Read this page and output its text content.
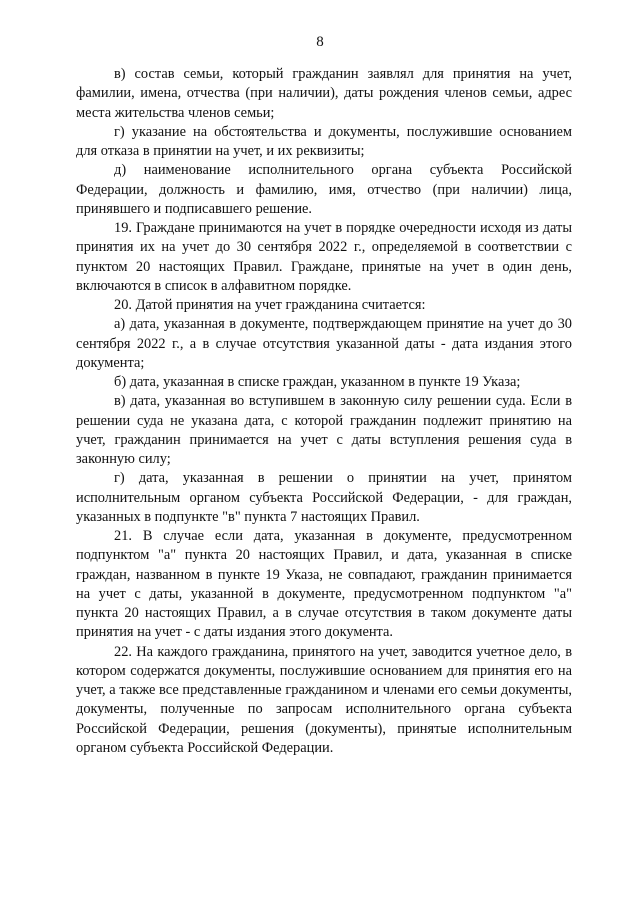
8

в) состав семьи, который гражданин заявлял для принятия на учет, фамилии, имена, отчества (при наличии), даты рождения членов семьи, адрес места жительства членов семьи;

г) указание на обстоятельства и документы, послужившие основанием для отказа в принятии на учет, и их реквизиты;

д) наименование исполнительного органа субъекта Российской Федерации, должность и фамилию, имя, отчество (при наличии) лица, принявшего и подписавшего решение.

19. Граждане принимаются на учет в порядке очередности исходя из даты принятия их на учет до 30 сентября 2022 г., определяемой в соответствии с пунктом 20 настоящих Правил. Граждане, принятые на учет в один день, включаются в список в алфавитном порядке.

20. Датой принятия на учет гражданина считается:

а) дата, указанная в документе, подтверждающем принятие на учет до 30 сентября 2022 г., а в случае отсутствия указанной даты - дата издания этого документа;

б) дата, указанная в списке граждан, указанном в пункте 19 Указа;

в) дата, указанная во вступившем в законную силу решении суда. Если в решении суда не указана дата, с которой гражданин подлежит принятию на учет, гражданин принимается на учет с даты вступления решения суда в законную силу;

г) дата, указанная в решении о принятии на учет, принятом исполнительным органом субъекта Российской Федерации, - для граждан, указанных в подпункте "в" пункта 7 настоящих Правил.

21. В случае если дата, указанная в документе, предусмотренном подпунктом "а" пункта 20 настоящих Правил, и дата, указанная в списке граждан, названном в пункте 19 Указа, не совпадают, гражданин принимается на учет с даты, указанной в документе, предусмотренном подпунктом "а" пункта 20 настоящих Правил, а в случае отсутствия в таком документе даты принятия на учет - с даты издания этого документа.

22. На каждого гражданина, принятого на учет, заводится учетное дело, в котором содержатся документы, послужившие основанием для принятия его на учет, а также все представленные гражданином и членами его семьи документы, документы, полученные по запросам исполнительного органа субъекта Российской Федерации, решения (документы), принятые исполнительным органом субъекта Российской Федерации.
